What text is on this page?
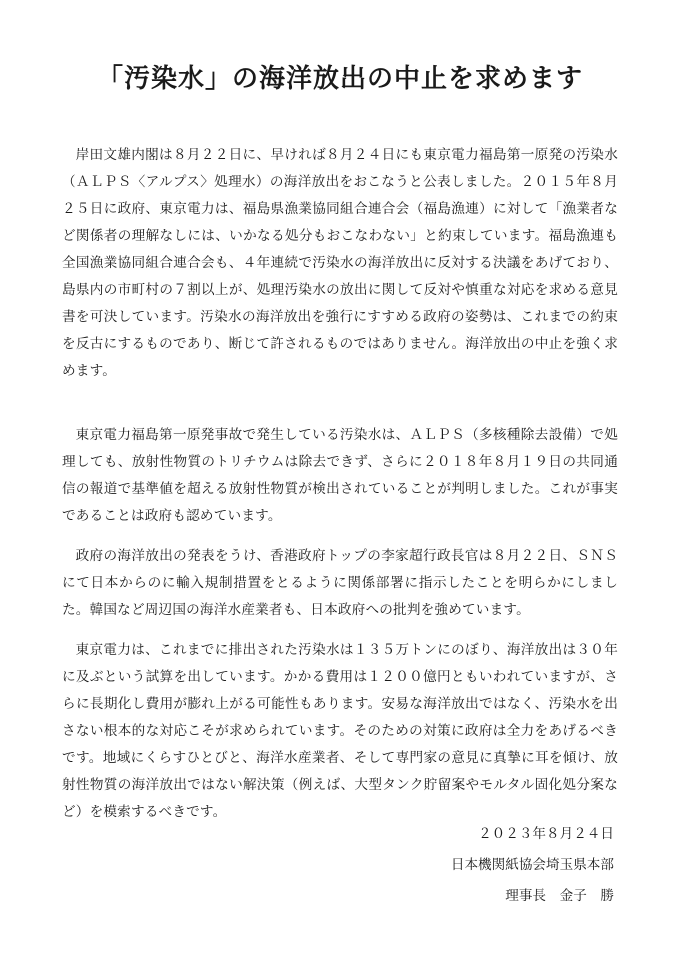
「汚染水」の海洋放出の中止を求めます

岸田文雄内閣は８月２２日に、早ければ８月２４日にも東京電力福島第一原発の汚染水（ＡＬＰＳ〈アルプス〉処理水）の海洋放出をおこなうと公表しました。２０１５年８月２５日に政府、東京電力は、福島県漁業協同組合連合会（福島漁連）に対して「漁業者など関係者の理解なしには、いかなる処分もおこなわない」と約束しています。福島漁連も全国漁業協同組合連合会も、４年連続で汚染水の海洋放出に反対する決議をあげており、島県内の市町村の７割以上が、処理汚染水の放出に関して反対や慎重な対応を求める意見書を可決しています。汚染水の海洋放出を強行にすすめる政府の姿勢は、これまでの約束を反古にするものであり、断じて許されるものではありません。海洋放出の中止を強く求めます。

東京電力福島第一原発事故で発生している汚染水は、ＡＬＰＳ（多核種除去設備）で処理しても、放射性物質のトリチウムは除去できず、さらに２０１８年８月１９日の共同通信の報道で基準値を超える放射性物質が検出されていることが判明しました。これが事実であることは政府も認めています。

政府の海洋放出の発表をうけ、香港政府トップの李家超行政長官は８月２２日、ＳＮＳにて日本からのに輸入規制措置をとるように関係部署に指示したことを明らかにしました。韓国など周辺国の海洋水産業者も、日本政府への批判を強めています。

東京電力は、これまでに排出された汚染水は１３５万トンにのぼり、海洋放出は３０年に及ぶという試算を出しています。かかる費用は１２００億円ともいわれていますが、さらに長期化し費用が膨れ上がる可能性もあります。安易な海洋放出ではなく、汚染水を出さない根本的な対応こそが求められています。そのための対策に政府は全力をあげるべきです。地域にくらすひとびと、海洋水産業者、そして専門家の意見に真摯に耳を傾け、放射性物質の海洋放出ではない解決策（例えば、大型タンク貯留案やモルタル固化処分案など）を模索するべきです。

２０２３年８月２４日

日本機関紙協会埼玉県本部

理事長　金子　勝
